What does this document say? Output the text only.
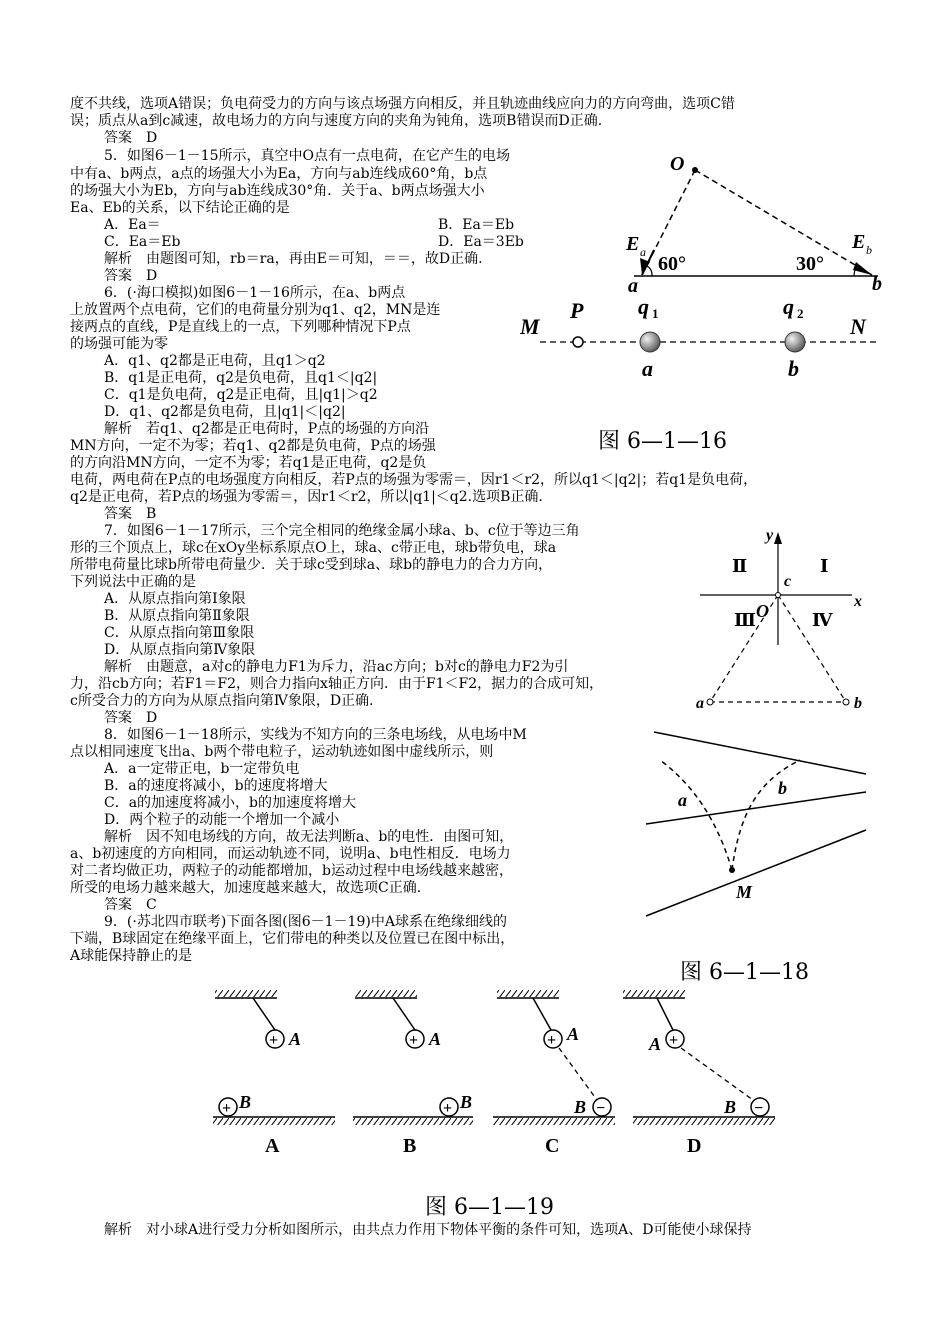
度不共线，选项A错误；负电荷受力的方向与该点场强方向相反，并且轨迹曲线应向力的方向弯曲，选项C错
误；质点从a到c减速，故电场力的方向与速度方向的夹角为钝角，选项B错误而D正确.
答案　D
5．如图6－1－15所示，真空中O点有一点电荷，在它产生的电场
中有a、b两点，a点的场强大小为Ea，方向与ab连线成60°角，b点
的场强大小为Eb，方向与ab连线成30°角．关于a、b两点场强大小
Ea、Eb的关系，以下结论正确的是
A．Ea＝	B．Ea＝Eb
C．Ea＝Eb	D．Ea＝3Eb
解析　由题图可知，rb＝ra，再由E＝可知，＝＝，故D正确.
答案　D
6．(·海口模拟)如图6－1－16所示，在a、b两点
上放置两个点电荷，它们的电荷量分别为q1、q2，MN是连
接两点的直线，P是直线上的一点，下列哪种情况下P点
的场强可能为零
A．q1、q2都是正电荷，且q1＞q2
B．q1是正电荷，q2是负电荷，且q1＜|q2|
C．q1是负电荷，q2是正电荷，且|q1|＞q2
D．q1、q2都是负电荷，且|q1|＜|q2|
解析　若q1、q2都是正电荷时，P点的场强的方向沿
MN方向，一定不为零；若q1、q2都是负电荷，P点的场强
的方向沿MN方向，一定不为零；若q1是正电荷，q2是负
电荷，两电荷在P点的电场强度方向相反，若P点的场强为零需＝，因r1＜r2，所以q1＜|q2|；若q1是负电荷，
q2是正电荷，若P点的场强为零需＝，因r1＜r2，所以|q1|＜q2.选项B正确.
答案　B
7．如图6－1－17所示，三个完全相同的绝缘金属小球a、b、c位于等边三角
形的三个顶点上，球c在xOy坐标系原点O上，球a、c带正电，球b带负电，球a
所带电荷量比球b所带电荷量少．关于球c受到球a、球b的静电力的合力方向，
下列说法中正确的是
A．从原点指向第Ⅰ象限
B．从原点指向第Ⅱ象限
C．从原点指向第Ⅲ象限
D．从原点指向第Ⅳ象限
解析　由题意，a对c的静电力F1为斥力，沿ac方向；b对c的静电力F2为引
力，沿cb方向；若F1＝F2，则合力指向x轴正方向．由于F1＜F2，据力的合成可知，
c所受合力的方向为从原点指向第Ⅳ象限，D正确.
答案　D
8．如图6－1－18所示，实线为不知方向的三条电场线，从电场中M
点以相同速度飞出a、b两个带电粒子，运动轨迹如图中虚线所示，则
A．a一定带正电，b一定带负电
B．a的速度将减小，b的速度将增大
C．a的加速度将减小，b的加速度将增大
D．两个粒子的动能一个增加一个减小
解析　因不知电场线的方向，故无法判断a、b的电性．由图可知，
a、b初速度的方向相同，而运动轨迹不同，说明a、b电性相反．电场力
对二者均做正功，两粒子的动能都增加，b运动过程中电场线越来越密，
所受的电场力越来越大，加速度越来越大，故选项C正确.
答案　C
9．(·苏北四市联考)下面各图(图6－1－19)中A球系在绝缘细线的
下端，B球固定在绝缘平面上，它们带电的种类以及位置已在图中标出，
A球能保持静止的是
解析　对小球A进行受力分析如图所示，由共点力作用下物体平衡的条件可知，选项A、D可能使小球保持
O
E a	E b
60°	30°
a	b
M
P q 1	q 2
N
a	b
图 6—1—16
y
x
O
c
Ⅰ
Ⅱ
Ⅲ	Ⅳ
a	b
a
b
M
图 6—1—18
+ A
+ B
A
+ A
+ B
B
+ A
−
B
C
+
A
−
B
D
图 6—1—19
